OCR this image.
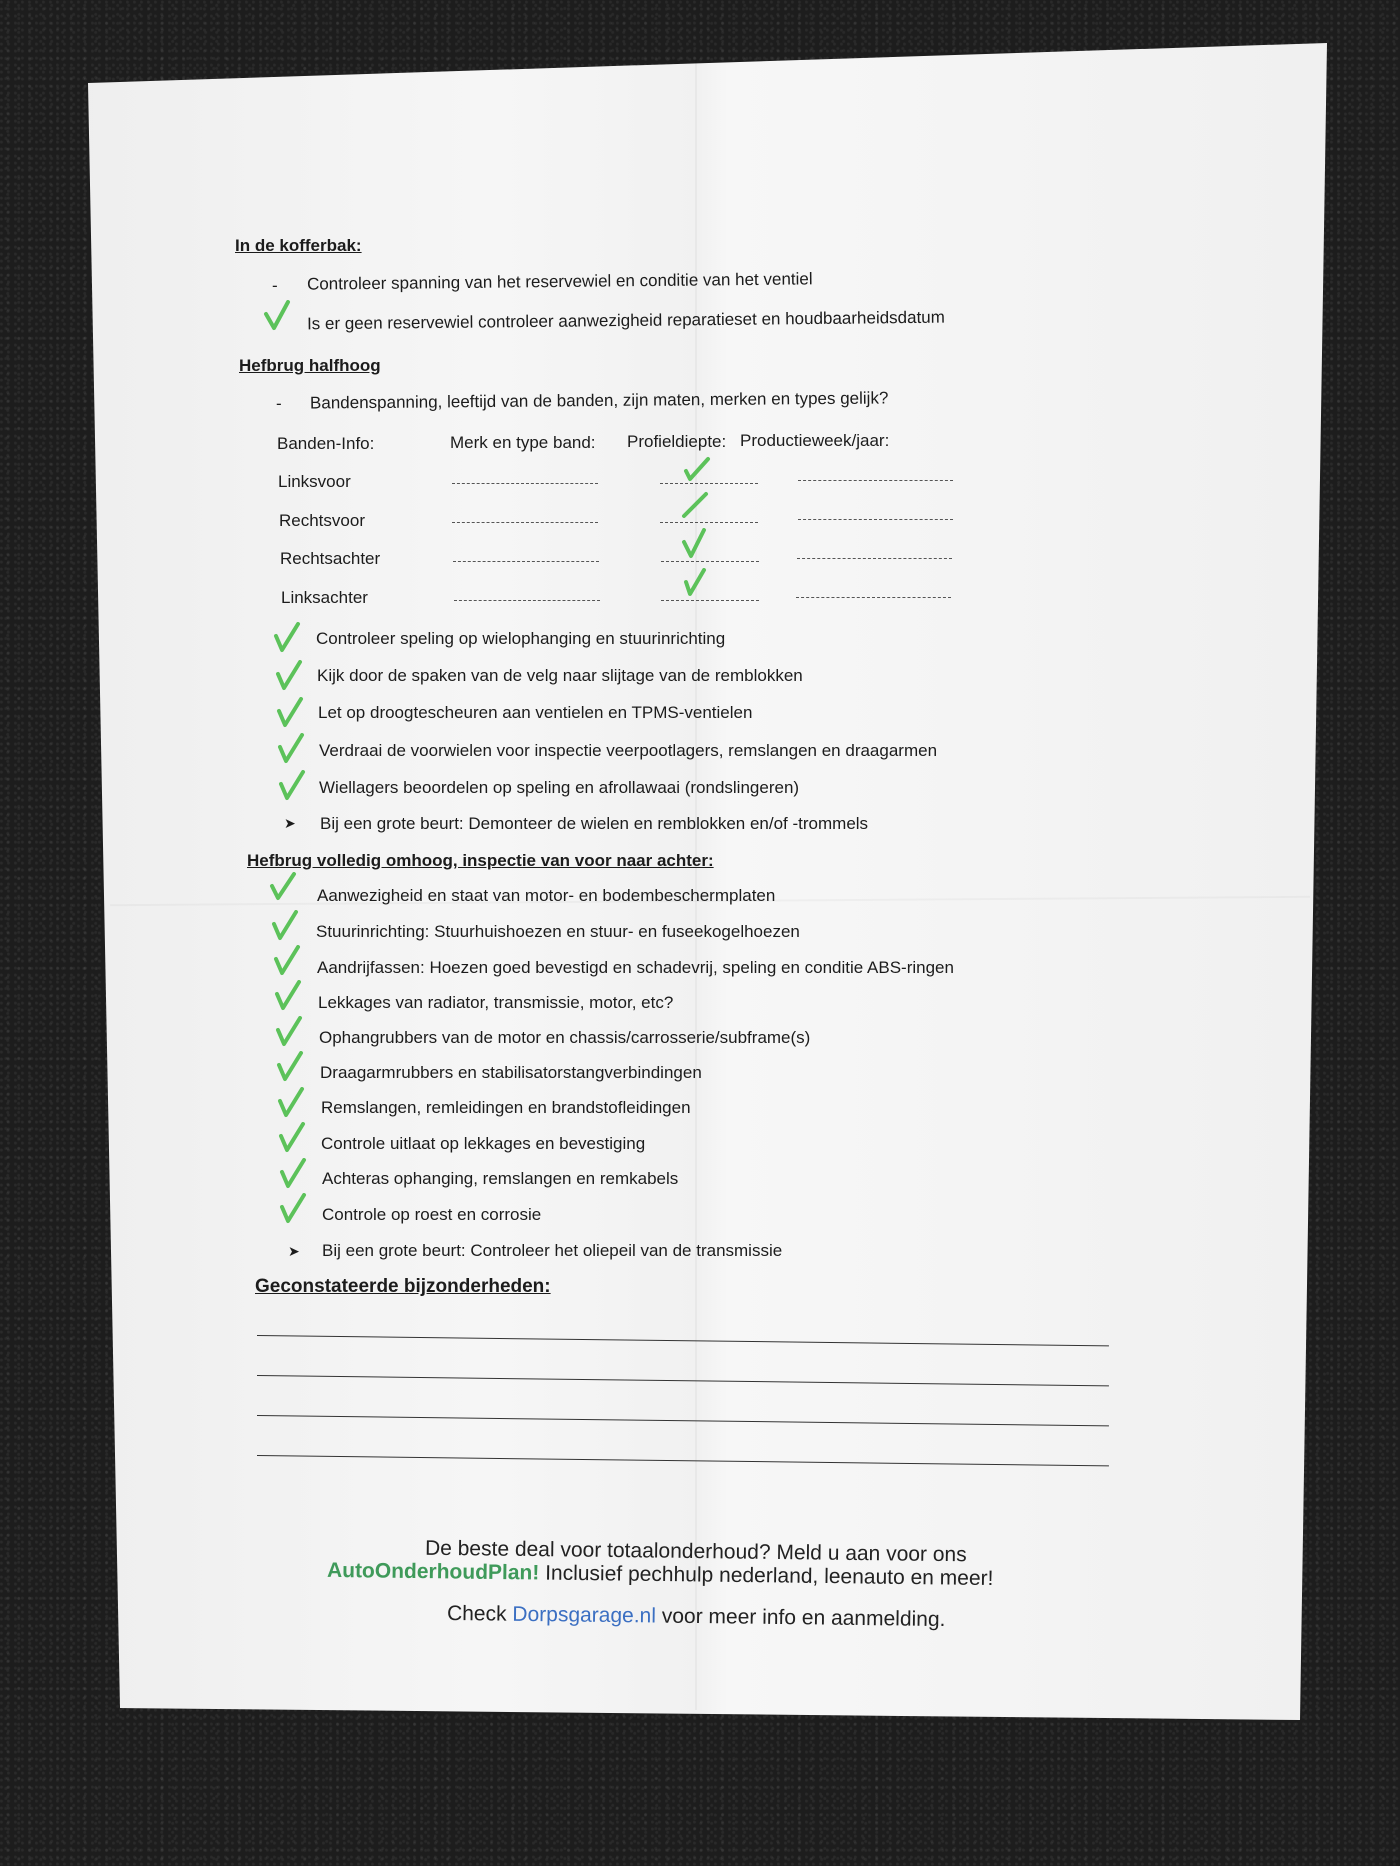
In de kofferbak:
- Controleer spanning van het reservewiel en conditie van het ventiel
Is er geen reservewiel controleer aanwezigheid reparatieset en houdbaarheidsdatum
Hefbrug halfhoog
- Bandenspanning, leeftijd van de banden, zijn maten, merken en types gelijk?
Banden-Info:	Merk en type band: Profieldiepte: Productieweek/jaar:
Linksvoor
Rechtsvoor
Rechtsachter
Linksachter
Controleer speling op wielophanging en stuurinrichting
Kijk door de spaken van de velg naar slijtage van de remblokken
Let op droogtescheuren aan ventielen en TPMS-ventielen
Verdraai de voorwielen voor inspectie veerpootlagers, remslangen en draagarmen
Wiellagers beoordelen op speling en afrollawaai (rondslingeren)
➤ Bij een grote beurt: Demonteer de wielen en remblokken en/of -trommels
Hefbrug volledig omhoog, inspectie van voor naar achter:
Aanwezigheid en staat van motor- en bodembeschermplaten
Stuurinrichting: Stuurhuishoezen en stuur- en fuseekogelhoezen
Aandrijfassen: Hoezen goed bevestigd en schadevrij, speling en conditie ABS-ringen
Lekkages van radiator, transmissie, motor, etc?
Ophangrubbers van de motor en chassis/carrosserie/subframe(s)
Draagarmrubbers en stabilisatorstangverbindingen
Remslangen, remleidingen en brandstofleidingen
Controle uitlaat op lekkages en bevestiging
Achteras ophanging, remslangen en remkabels
Controle op roest en corrosie
➤ Bij een grote beurt: Controleer het oliepeil van de transmissie
Geconstateerde bijzonderheden:
De beste deal voor totaalonderhoud? Meld u aan voor ons
AutoOnderhoudPlan! Inclusief pechhulp nederland, leenauto en meer!
Check Dorpsgarage.nl voor meer info en aanmelding.
